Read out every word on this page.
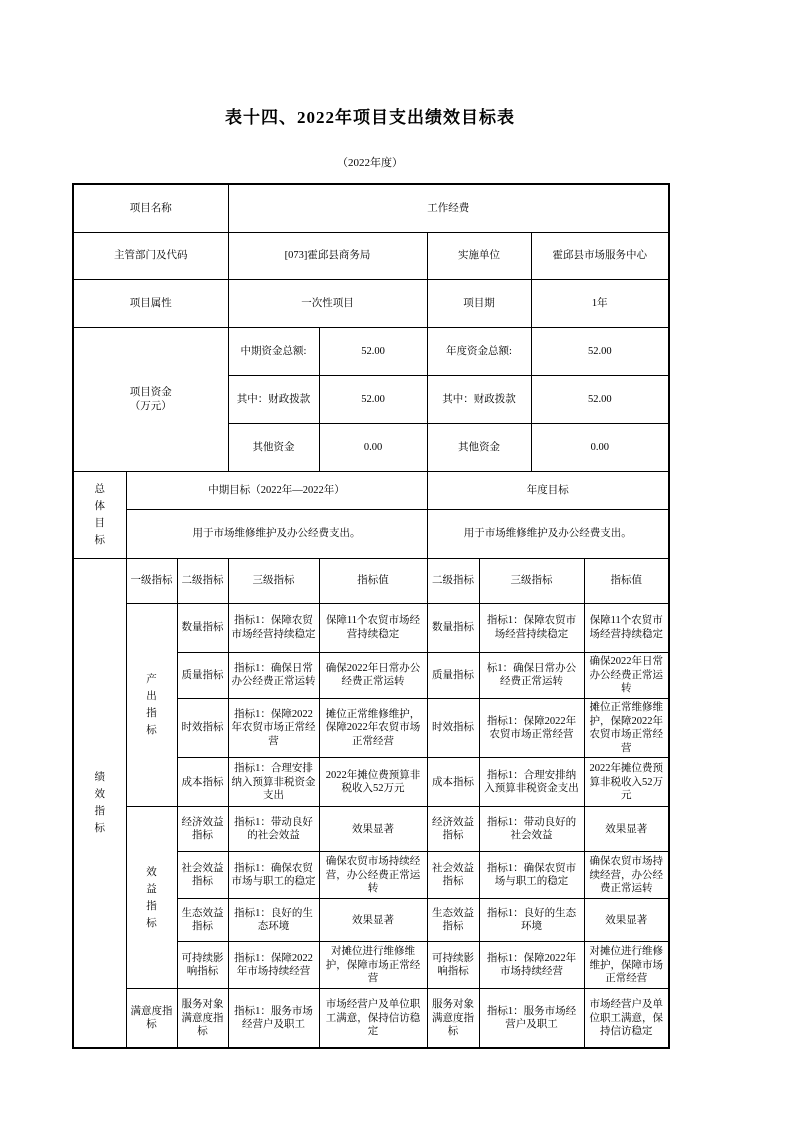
表十四、2022年项目支出绩效目标表
（2022年度）
项目名称			工作经费					
主管部门及代码			[073]霍邱县商务局		实施单位		霍邱县市场服务中心	
项目属性			一次性项目		项目期		1年	

项目资金
（万元）			中期资金总额:	52.00	年度资金总额:		52.00	
			其中：财政拨款	52.00	其中：财政拨款		52.00	
			其他资金	0.00	其他资金		0.00	
总体目标	中期目标（2022年—2022年）				年度目标			
	用于市场维修维护及办公经费支出。				用于市场维修维护及办公经费支出。			
绩效指标	一级指标	二级指标	三级指标	指标值	二级指标	三级指标		指标值
	产出指标	数量指标	指标1：保障农贸市场经营持续稳定	保障11个农贸市场经营持续稳定	数量指标	指标1：保障农贸市场经营持续稳定		保障11个农贸市场经营持续稳定
		质量指标	指标1：确保日常办公经费正常运转	确保2022年日常办公经费正常运转	质量指标	标1：确保日常办公经费正常运转		确保2022年日常办公经费正常运转
		时效指标	指标1：保障2022年农贸市场正常经营	摊位正常维修维护，保障2022年农贸市场正常经营	时效指标	指标1：保障2022年农贸市场正常经营		摊位正常维修维护，保障2022年农贸市场正常经营
		成本指标	指标1：合理安排纳入预算非税资金支出	2022年摊位费预算非税收入52万元	成本指标	指标1：合理安排纳入预算非税资金支出		2022年摊位费预算非税收入52万元
	效益指标	经济效益指标	指标1：带动良好的社会效益	效果显著	经济效益指标	指标1：带动良好的社会效益		效果显著
		社会效益指标	指标1：确保农贸市场与职工的稳定	确保农贸市场持续经营，办公经费正常运转	社会效益指标	指标1：确保农贸市场与职工的稳定		确保农贸市场持续经营，办公经费正常运转
		生态效益指标	指标1：良好的生态环境	效果显著	生态效益指标	指标1：良好的生态环境		效果显著
		可持续影响指标	指标1：保障2022年市场持续经营	对摊位进行维修维护，保障市场正常经营	可持续影响指标	指标1：保障2022年市场持续经营		对摊位进行维修维护，保障市场正常经营
	满意度指标	服务对象满意度指标	指标1：服务市场经营户及职工	市场经营户及单位职工满意，保持信访稳定	服务对象满意度指标	指标1：服务市场经营户及职工		市场经营户及单位职工满意，保持信访稳定
